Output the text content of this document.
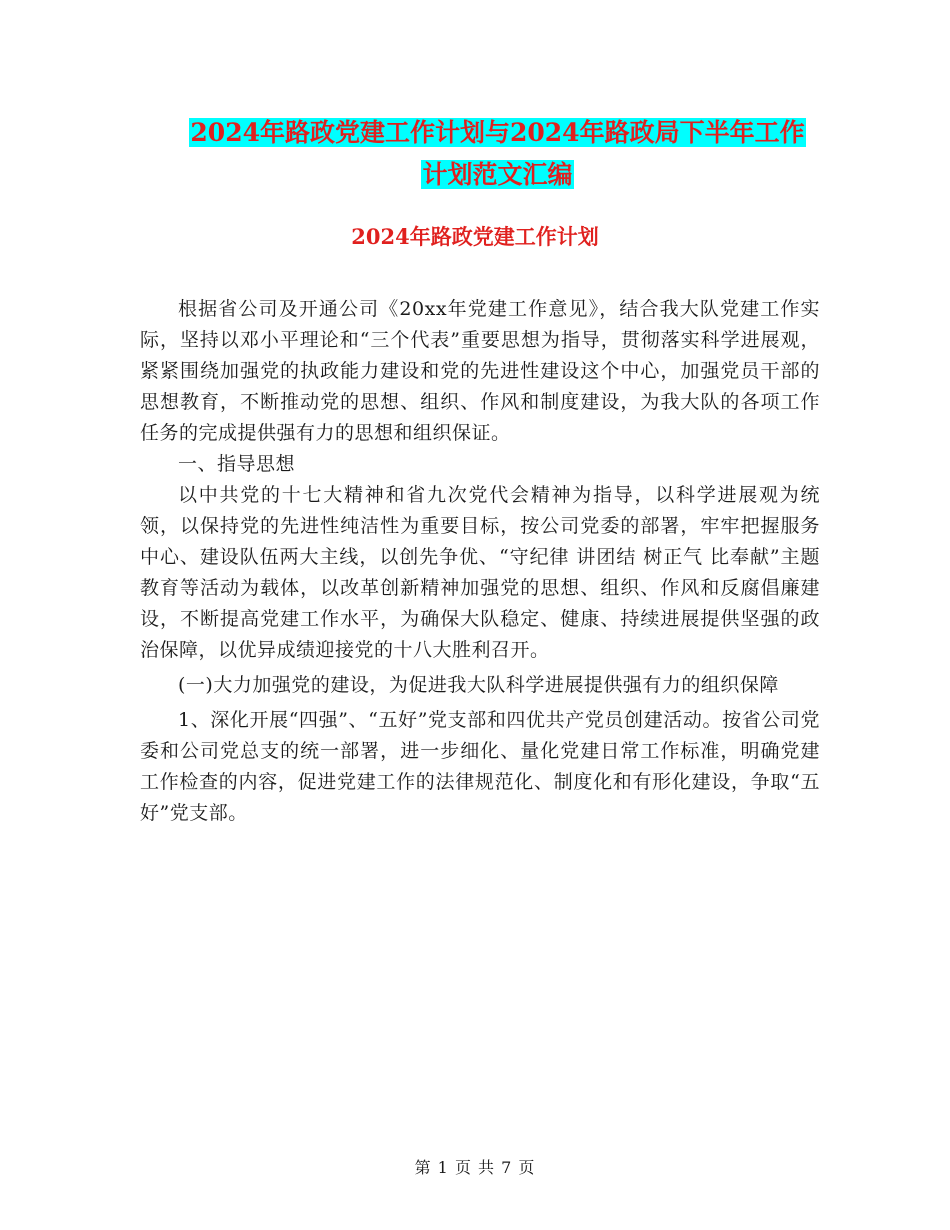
2024年路政党建工作计划与2024年路政局下半年工作
计划范文汇编
2024年路政党建工作计划

根据省公司及开通公司《20xx年党建工作意见》，结合我大队党建工作实际，坚持以邓小平理论和“三个代表”重要思想为指导，贯彻落实科学进展观，紧紧围绕加强党的执政能力建设和党的先进性建设这个中心，加强党员干部的思想教育，不断推动党的思想、组织、作风和制度建设，为我大队的各项工作任务的完成提供强有力的思想和组织保证。

一、指导思想

以中共党的十七大精神和省九次党代会精神为指导，以科学进展观为统领，以保持党的先进性纯洁性为重要目标，按公司党委的部署，牢牢把握服务中心、建设队伍两大主线，以创先争优、“守纪律 讲团结 树正气 比奉献”主题教育等活动为载体，以改革创新精神加强党的思想、组织、作风和反腐倡廉建设，不断提高党建工作水平，为确保大队稳定、健康、持续进展提供坚强的政治保障，以优异成绩迎接党的十八大胜利召开。

(一)大力加强党的建设，为促进我大队科学进展提供强有力的组织保障

1、深化开展“四强”、“五好”党支部和四优共产党员创建活动。按省公司党委和公司党总支的统一部署，进一步细化、量化党建日常工作标准，明确党建工作检查的内容，促进党建工作的法律规范化、制度化和有形化建设，争取“五好”党支部。

第 1 页 共 7 页
